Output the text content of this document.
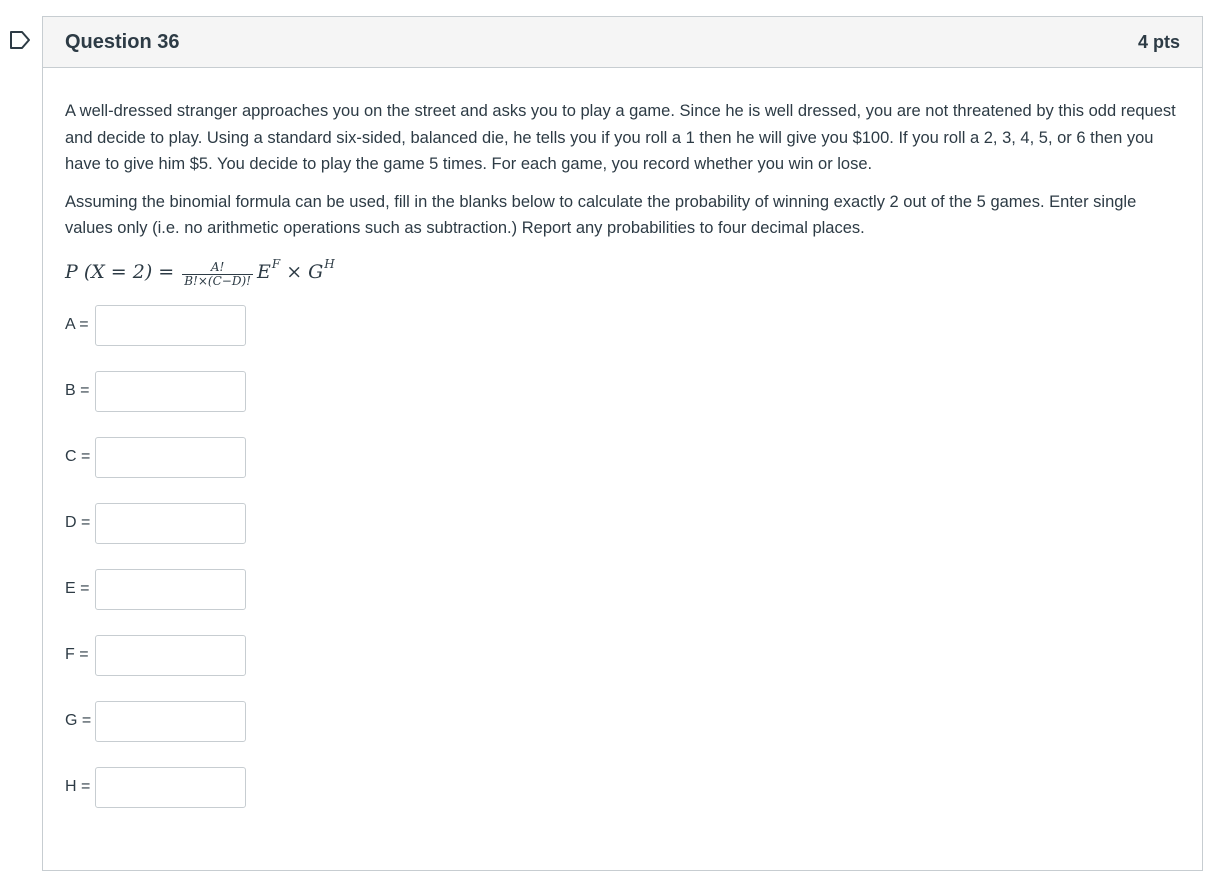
Question 36	4 pts

A well-dressed stranger approaches you on the street and asks you to play a game. Since he is well dressed, you are not threatened by this odd request and decide to play. Using a standard six-sided, balanced die, he tells you if you roll a 1 then he will give you $100. If you roll a 2, 3, 4, 5, or 6 then you have to give him $5. You decide to play the game 5 times. For each game, you record whether you win or lose.

Assuming the binomial formula can be used, fill in the blanks below to calculate the probability of winning exactly 2 out of the 5 games. Enter single values only (i.e. no arithmetic operations such as subtraction.) Report any probabilities to four decimal places.

P $(X = 2) = \frac{A!}{B!\times(C-D)!}$ E F × G H
A =
B =
C =
D =
E =
F =
G =
H =
